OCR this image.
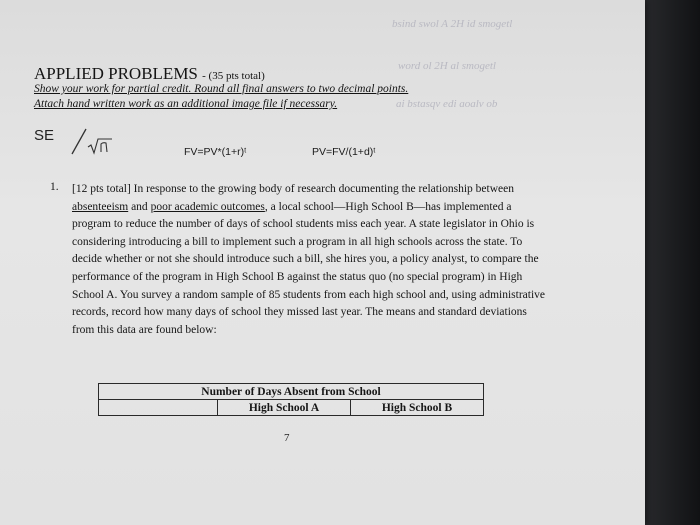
bsind swol A 2H id smogetl
word ol 2H al smogetl
ai bstasqv edi aoalv ob
APPLIED PROBLEMS - (35 pts total)
Show your work for partial credit. Round all final answers to two decimal points.
Attach hand written work as an additional image file if necessary.
SE
FV=PV*(1+r)ᵗ	PV=FV/(1+d)ᵗ
1. [12 pts total] In response to the growing body of research documenting the relationship between absenteeism and poor academic outcomes, a local school—High School B—has implemented a program to reduce the number of days of school students miss each year. A state legislator in Ohio is considering introducing a bill to implement such a program in all high schools across the state. To decide whether or not she should introduce such a bill, she hires you, a policy analyst, to compare the performance of the program in High School B against the status quo (no special program) in High School A. You survey a random sample of 85 students from each high school and, using administrative records, record how many days of school they missed last year. The means and standard deviations from this data are found below:
Number of Days Absent from School
	High School A	High School B
7
